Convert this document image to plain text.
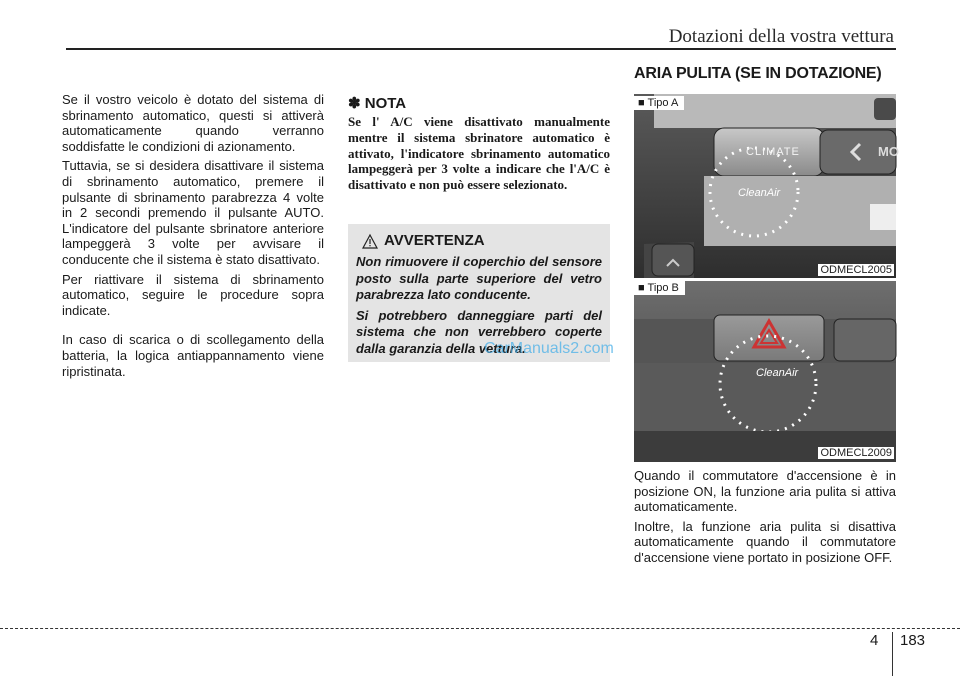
Dotazioni della vostra vettura

Se il vostro veicolo è dotato del sistema di sbrinamento automatico, questi si attiverà automaticamente quando verranno soddisfatte le condizioni di azionamento.

Tuttavia, se si desidera disattivare il sistema di sbrinamento automatico, premere il pulsante di sbrinamento parabrezza 4 volte in 2 secondi premendo il pulsante AUTO. L'indicatore del pulsante sbrinatore anteriore lampeggerà 3 volte per avvisare il conducente che il sistema è stato disattivato.

Per riattivare il sistema di sbrinamento automatico, seguire le procedure sopra indicate.

In caso di scarica o di scollegamento della batteria, la logica antiappannamento viene ripristinata.

✽ NOTA
Se l' A/C viene disattivato manualmente mentre il sistema sbrinatore automatico è attivato, l'indicatore sbrinamento automatico lampeggerà per 3 volte a indicare che l'A/C è disattivato e non può essere selezionato.
AVVERTENZA

Non rimuovere il coperchio del sensore posto sulla parte superiore del vetro parabrezza lato conducente.

Si potrebbero danneggiare parti del sistema che non verrebbero coperte dalla garanzia della vettura.

CarManuals2.com
ARIA PULITA (SE IN DOTAZIONE)
CLIMATE	MO
CleanAir
■ Tipo A
ODMECL2005
CleanAir
■ Tipo B
ODMECL2009

Quando il commutatore d'accensione è in posizione ON, la funzione aria pulita si attiva automaticamente.

Inoltre, la funzione aria pulita si disattiva automaticamente quando il commutatore d'accensione viene portato in posizione OFF.

4 183
